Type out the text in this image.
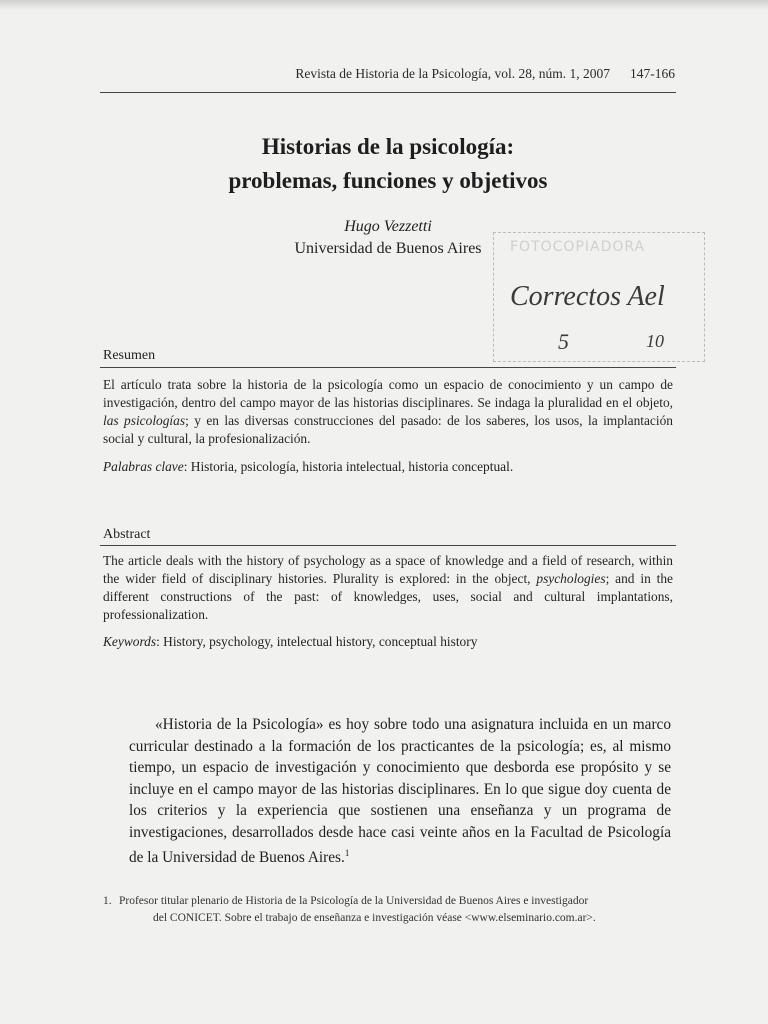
Revista de Historia de la Psicología, vol. 28, núm. 1, 2007 147-166
Historias de la psicología:
problemas, funciones y objetivos
Hugo Vezzetti
Universidad de Buenos Aires	FOTOCOPIADORA
Correctos Ael
5	10
Resumen
El artículo trata sobre la historia de la psicología como un espacio de conocimiento y un campo de investigación, dentro del campo mayor de las historias disciplinares. Se indaga la pluralidad en el objeto, las psicologías; y en las diversas construcciones del pasado: de los saberes, los usos, la implantación social y cultural, la profesionalización.
Palabras clave: Historia, psicología, historia intelectual, historia conceptual.
Abstract
The article deals with the history of psychology as a space of knowledge and a field of research, within the wider field of disciplinary histories. Plurality is explored: in the object, psychologies; and in the different constructions of the past: of knowledges, uses, social and cultural implantations, professionalization.
Keywords: History, psychology, intelectual history, conceptual history
«Historia de la Psicología» es hoy sobre todo una asignatura incluida en un marco curricular destinado a la formación de los practicantes de la psicología; es, al mismo tiempo, un espacio de investigación y conocimiento que desborda ese propósito y se incluye en el campo mayor de las historias disciplinares. En lo que sigue doy cuenta de los criterios y la experiencia que sostienen una enseñanza y un programa de investigaciones, desarrollados desde hace casi veinte años en la Facultad de Psicología de la Universidad de Buenos Aires.$^1$
1. Profesor titular plenario de Historia de la Psicología de la Universidad de Buenos Aires e investigador
del CONICET. Sobre el trabajo de enseñanza e investigación véase <www.elseminario.com.ar>.
